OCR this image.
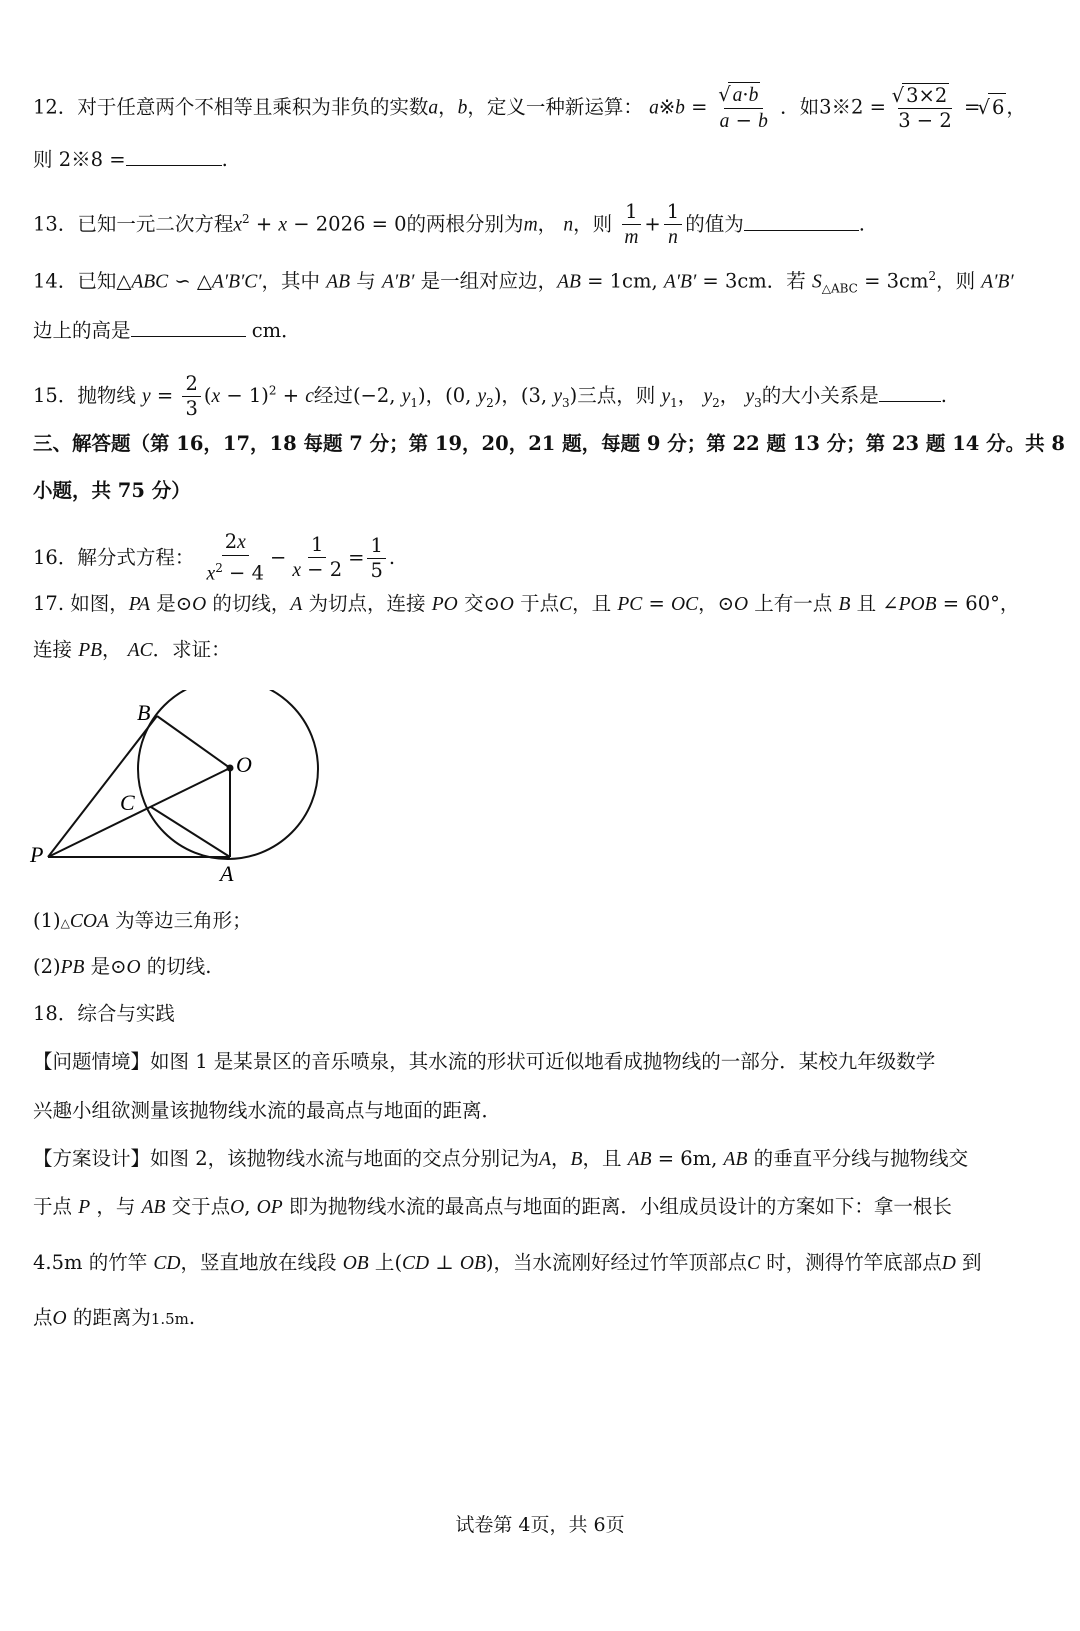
12．对于任意两个不相等且乘积为非负的实数a，b，定义一种新运算： a※b = √ $\frac{a\cdot b}{a - b}$ ．如3※2 = √ $\frac{3\times 2}{3 - 2}$ = √ 6 ，
则 2※8 =	.
13．已知一元二次方程$x^2 + x - 2026 = 0$的两根分别为m， n，则 $\frac{1}{m} + \frac{1}{n}$ 的值为	.
14．已知△ABC ∽ △A′B′C′，其中 AB 与 A′B′ 是一组对应边，AB = 1cm, A′B′ = 3cm．若 $S_{\triangle ABC} = 3cm^2$，则 A′B′
边上的高是	cm．
15．抛物线 $y = \frac{2}{3} (x - 1)^2 + c$经过(−2, $y_1$)，(0, $y_2$)，(3, $y_3$)三点，则 $y_1$， $y_2$， $y_3$的大小关系是	.
三、解答题（第 16，17，18 每题 7 分；第 19，20，21 题，每题 9 分；第 22 题 13 分；第 23 题 14 分。共 8
小题，共 75 分）
16．解分式方程： $\frac{2x}{x^2 - 4} - \frac{1}{x - 2} = \frac{1}{5}$ .
17. 如图，PA 是⊙O 的切线，A 为切点，连接 PO 交⊙O 于点C，且 PC = OC，⊙O 上有一点 B 且 ∠POB = 60°，
连接 PB， AC．求证：
B
O
C
P
A
(1)△COA 为等边三角形；
(2)PB 是⊙O 的切线.
18．综合与实践
【问题情境】如图 1 是某景区的音乐喷泉，其水流的形状可近似地看成抛物线的一部分．某校九年级数学
兴趣小组欲测量该抛物线水流的最高点与地面的距离．
【方案设计】如图 2，该抛物线水流与地面的交点分别记为A，B，且 AB = 6m, AB 的垂直平分线与抛物线交
于点 P ，与 AB 交于点O, OP 即为抛物线水流的最高点与地面的距离．小组成员设计的方案如下：拿一根长
4.5m 的竹竿 CD，竖直地放在线段 OB 上(CD ⊥ OB)，当水流刚好经过竹竿顶部点C 时，测得竹竿底部点D 到
点O 的距离为1.5m.
试卷第 4页，共 6页
